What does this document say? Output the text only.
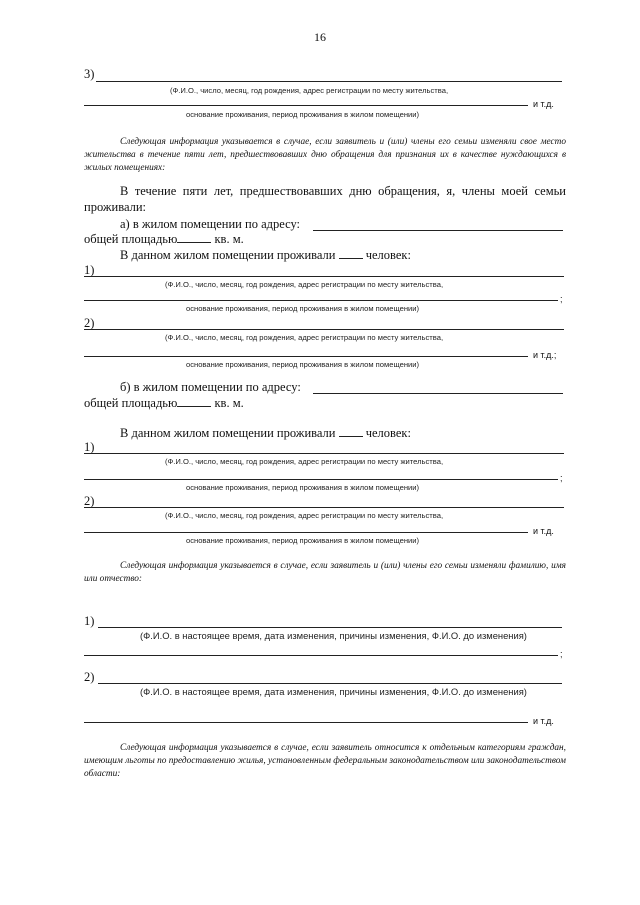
16
3)
(Ф.И.О., число, месяц, год рождения, адрес регистрации по месту жительства,
и т.д.
основание проживания, период проживания в жилом помещении)
Следующая информация указывается в случае, если заявитель и (или) члены его семьи изменяли свое место жительства в течение пяти лет, предшествовавших дню обращения для признания их в качестве нуждающихся в жилых помещениях:
В течение пяти лет, предшествовавших дню обращения, я, члены моей семьи проживали:
а) в жилом помещении по адресу:
общей площадью	кв. м.
В данном жилом помещении проживали человек:
1)
(Ф.И.О., число, месяц, год рождения, адрес регистрации по месту жительства,
;
основание проживания, период проживания в жилом помещении)
2)
(Ф.И.О., число, месяц, год рождения, адрес регистрации по месту жительства,
и т.д.;
основание проживания, период проживания в жилом помещении)
б) в жилом помещении по адресу:
общей площадью	кв. м.
В данном жилом помещении проживали человек:
1)
(Ф.И.О., число, месяц, год рождения, адрес регистрации по месту жительства,
;
основание проживания, период проживания в жилом помещении)
2)
(Ф.И.О., число, месяц, год рождения, адрес регистрации по месту жительства,
и т.д.
основание проживания, период проживания в жилом помещении)
Следующая информация указывается в случае, если заявитель и (или) члены его семьи изменяли фамилию, имя или отчество:
1)
(Ф.И.О. в настоящее время, дата изменения, причины изменения, Ф.И.О. до изменения)
;
2)
(Ф.И.О. в настоящее время, дата изменения, причины изменения, Ф.И.О. до изменения)
и т.д.
Следующая информация указывается в случае, если заявитель относится к отдельным категориям граждан, имеющим льготы по предоставлению жилья, установленным федеральным законодательством или законодательством области:
